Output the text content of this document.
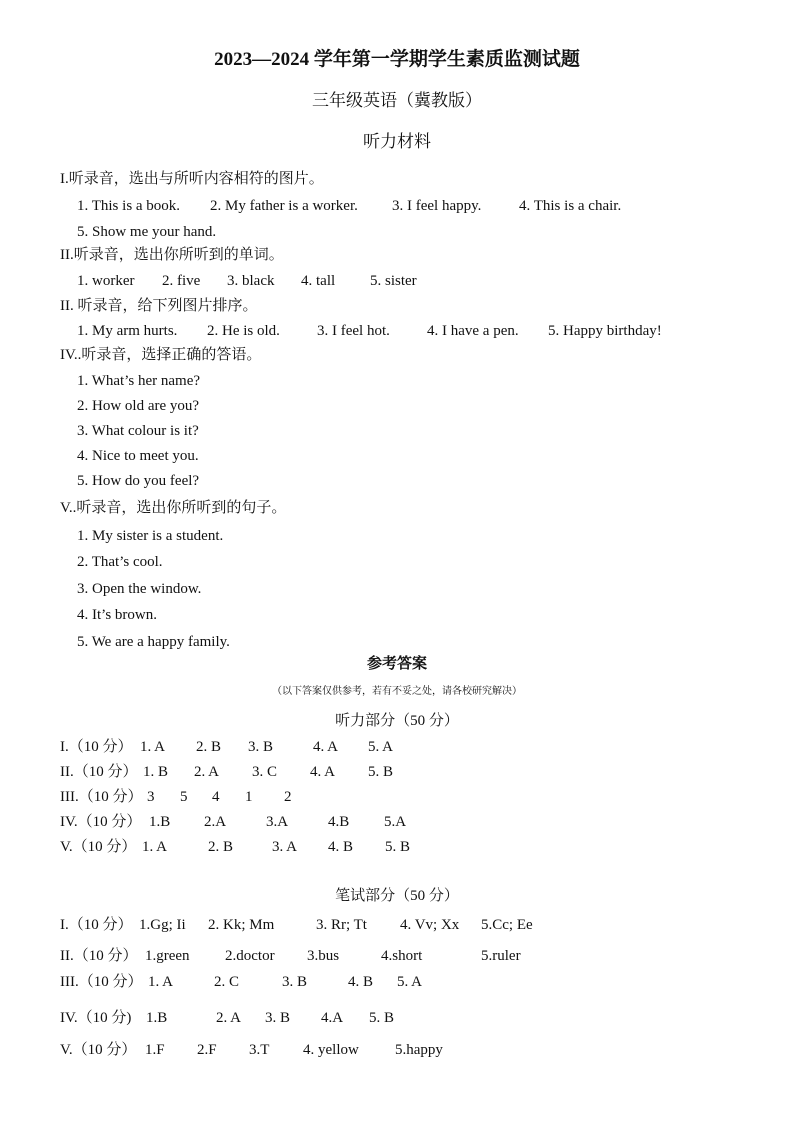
2023—2024 学年第一学期学生素质监测试题
三年级英语（冀教版）
听力材料
I.听录音，选出与所听内容相符的图片。
1. This is a book. 2. My father is a worker. 3. I feel happy.	4. This is a chair.
5. Show me your hand.
II.听录音，选出你所听到的单词。
1. worker 2. five 3. black 4. tall 5. sister
II. 听录音，给下列图片排序。
1. My arm hurts. 2. He is old. 3. I feel hot. 4. I have a pen. 5. Happy birthday!
IV..听录音，选择正确的答语。
1. What’s her name?
2. How old are you?
3. What colour is it?
4. Nice to meet you.
5. How do you feel?
V..听录音，选出你所听到的句子。
1. My sister is a student.
2. That’s cool.
3. Open the window.
4. It’s brown.
5. We are a happy family.
参考答案
（以下答案仅供参考，若有不妥之处，请各校研究解决）
听力部分（50 分）
I.（10 分） 1. A 2. B 3. B	4. A 5. A
II.（10 分） 1. B 2. A 3. C 4. A 5. B
III.（10 分） 3 5 4 1 2
IV.（10 分） 1.B 2.A	3.A	4.B 5.A
V.（10 分） 1. A	2. B	3. A 4. B 5. B
笔试部分（50 分）
I.（10 分） 1.Gg; Ii 2. Kk; Mm	3. Rr; Tt 4. Vv; Xx 5.Cc; Ee
II.（10 分） 1.green 2.doctor 3.bus	4.short	5.ruler
III.（10 分） 1. A	2. C	3. B	4. B 5. A
IV.（10 分) 1.B	2. A 3. B 4.A 5. B
V.（10 分） 1.F 2.F 3.T 4. yellow 5.happy
